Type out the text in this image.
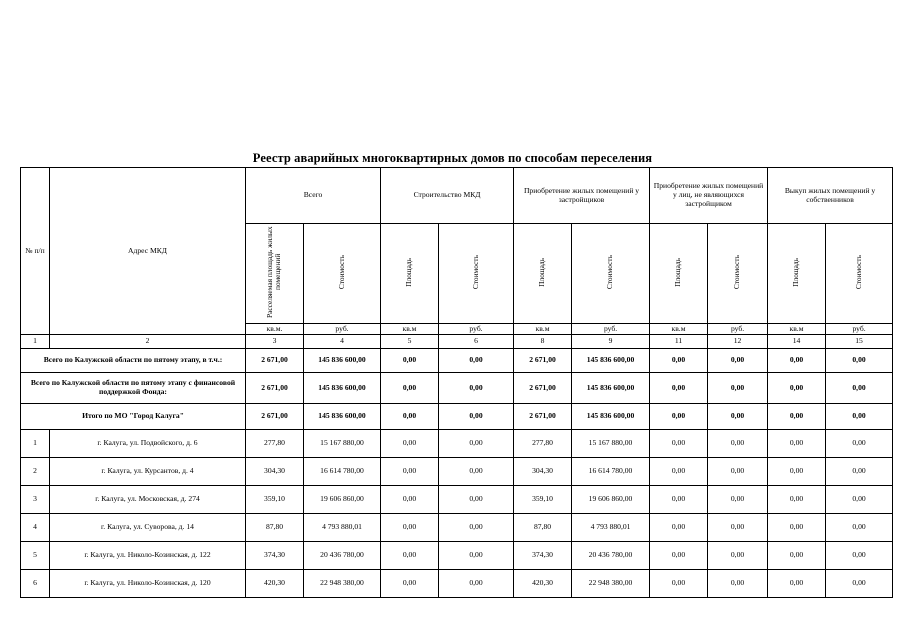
Реестр аварийных многоквартирных домов по способам переселения
№ п/п	Адрес МКД	Всего		Строительство МКД		Приобретение жилых помещений у застройщиков		Приобретение жилых помещений у лиц, не являющихся застройщиком		Выкуп жилых помещений у собственников	
		Расселяемая площадь жилых помещений	Стоимость	Площадь	Стоимость	Площадь	Стоимость	Площадь	Стоимость	Площадь	Стоимость
		кв.м.	руб.	кв.м	руб.	кв.м	руб.	кв.м	руб.	кв.м	руб.
1	2	3	4	5	6	8	9	11	12	14	15
Всего по Калужской области по пятому этапу, в т.ч.:		2 671,00	145 836 600,00	0,00	0,00	2 671,00	145 836 600,00	0,00	0,00	0,00	0,00
Всего по Калужской области по пятому этапу с финансовой поддержкой Фонда:		2 671,00	145 836 600,00	0,00	0,00	2 671,00	145 836 600,00	0,00	0,00	0,00	0,00
Итого по МО "Город Калуга"		2 671,00	145 836 600,00	0,00	0,00	2 671,00	145 836 600,00	0,00	0,00	0,00	0,00
1	г. Калуга, ул. Подвойского, д. 6	277,80	15 167 880,00	0,00	0,00	277,80	15 167 880,00	0,00	0,00	0,00	0,00
2	г. Калуга, ул. Курсантов, д. 4	304,30	16 614 780,00	0,00	0,00	304,30	16 614 780,00	0,00	0,00	0,00	0,00
3	г. Калуга, ул. Московская, д. 274	359,10	19 606 860,00	0,00	0,00	359,10	19 606 860,00	0,00	0,00	0,00	0,00
4	г. Калуга, ул. Суворова, д. 14	87,80	4 793 880,01	0,00	0,00	87,80	4 793 880,01	0,00	0,00	0,00	0,00
5	г. Калуга, ул. Николо-Козинская, д. 122	374,30	20 436 780,00	0,00	0,00	374,30	20 436 780,00	0,00	0,00	0,00	0,00
6	г. Калуга, ул. Николо-Козинская, д. 120	420,30	22 948 380,00	0,00	0,00	420,30	22 948 380,00	0,00	0,00	0,00	0,00
